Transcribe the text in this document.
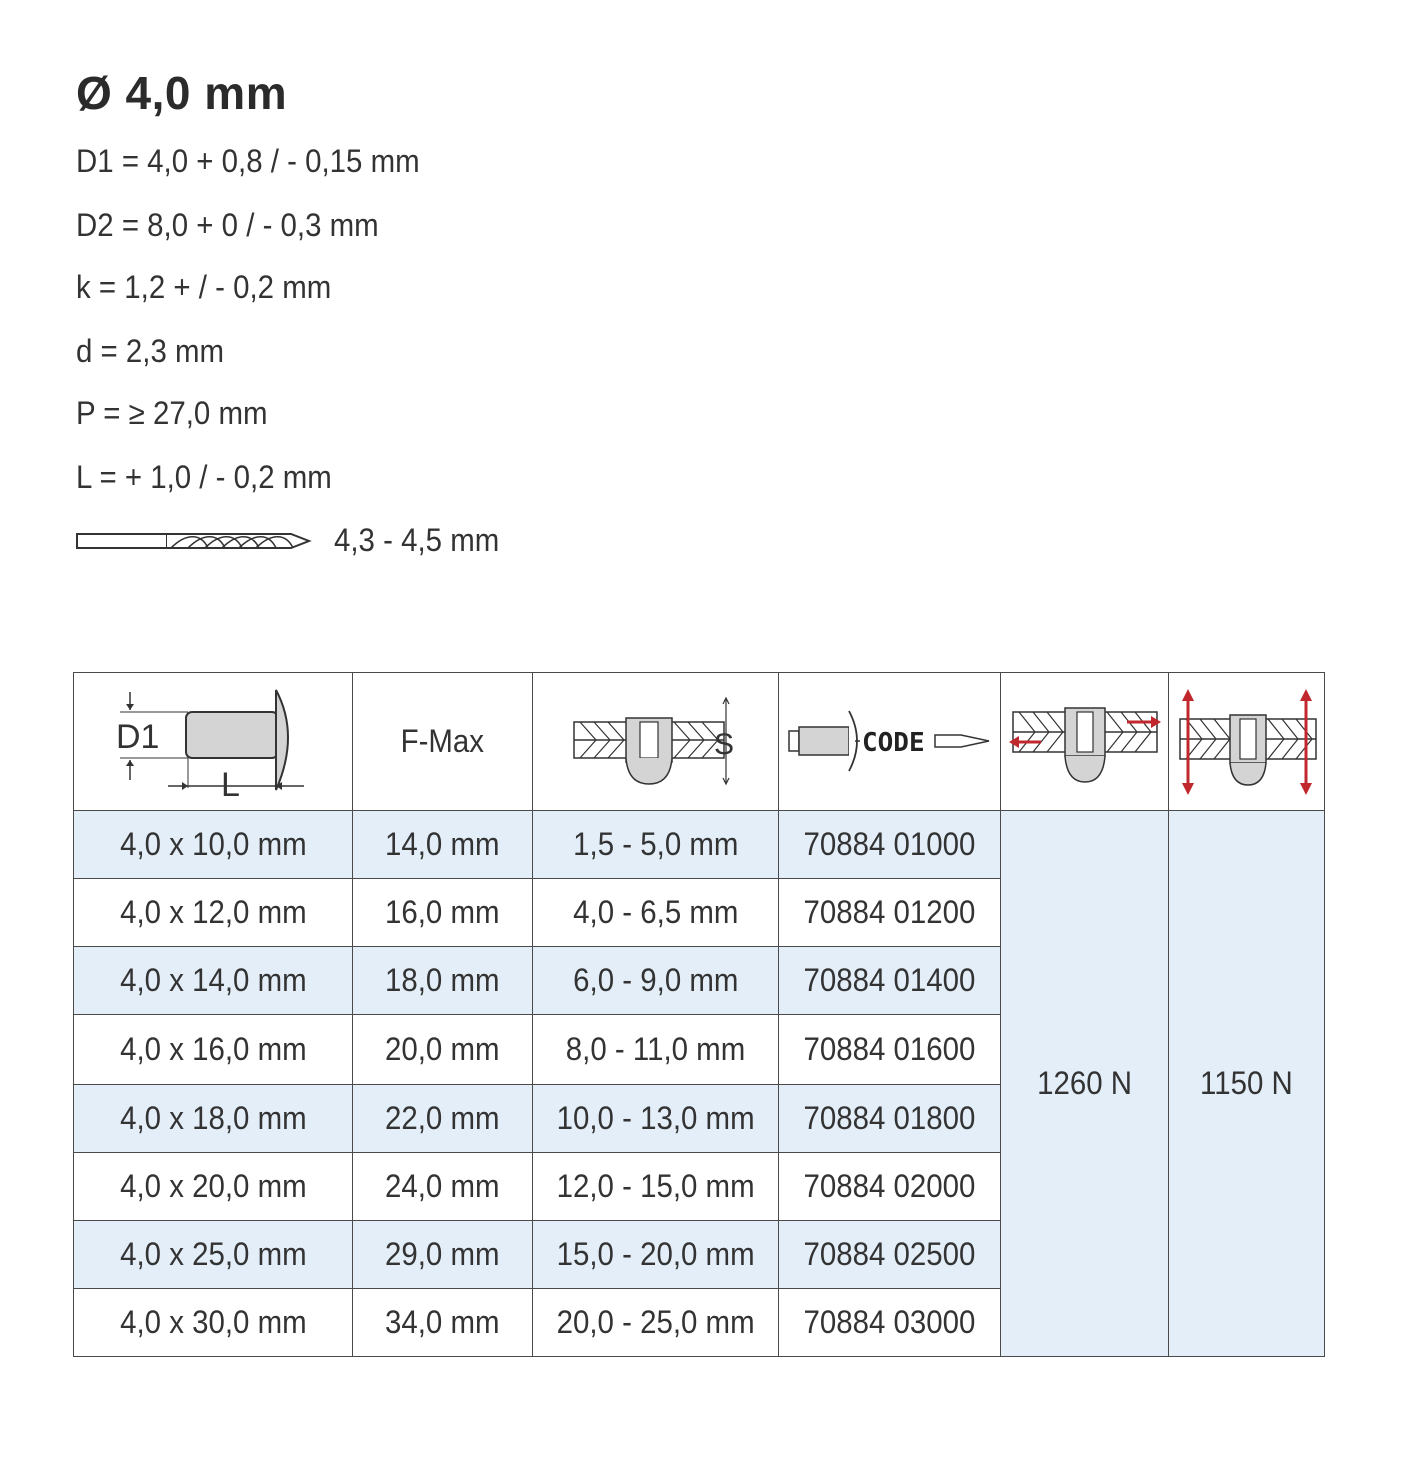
Ø 4,0 mm
D1 = 4,0 + 0,8 / - 0,15 mm
D2 = 8,0 + 0 / - 0,3 mm
k = 1,2 + / - 0,2 mm
d = 2,3 mm
P = ≥ 27,0 mm
L = + 1,0 / - 0,2 mm
4,3 - 4,5 mm
D1
L	F-Max	S	CODE

4,0 x 10,0 mm	14,0 mm	1,5 - 5,0 mm	70884 01000	1260 N	1150 N
4,0 x 12,0 mm	16,0 mm	4,0 - 6,5 mm	70884 01200		
4,0 x 14,0 mm	18,0 mm	6,0 - 9,0 mm	70884 01400		
4,0 x 16,0 mm	20,0 mm	8,0 - 11,0 mm	70884 01600		
4,0 x 18,0 mm	22,0 mm	10,0 - 13,0 mm	70884 01800		
4,0 x 20,0 mm	24,0 mm	12,0 - 15,0 mm	70884 02000		
4,0 x 25,0 mm	29,0 mm	15,0 - 20,0 mm	70884 02500		
4,0 x 30,0 mm	34,0 mm	20,0 - 25,0 mm	70884 03000		
